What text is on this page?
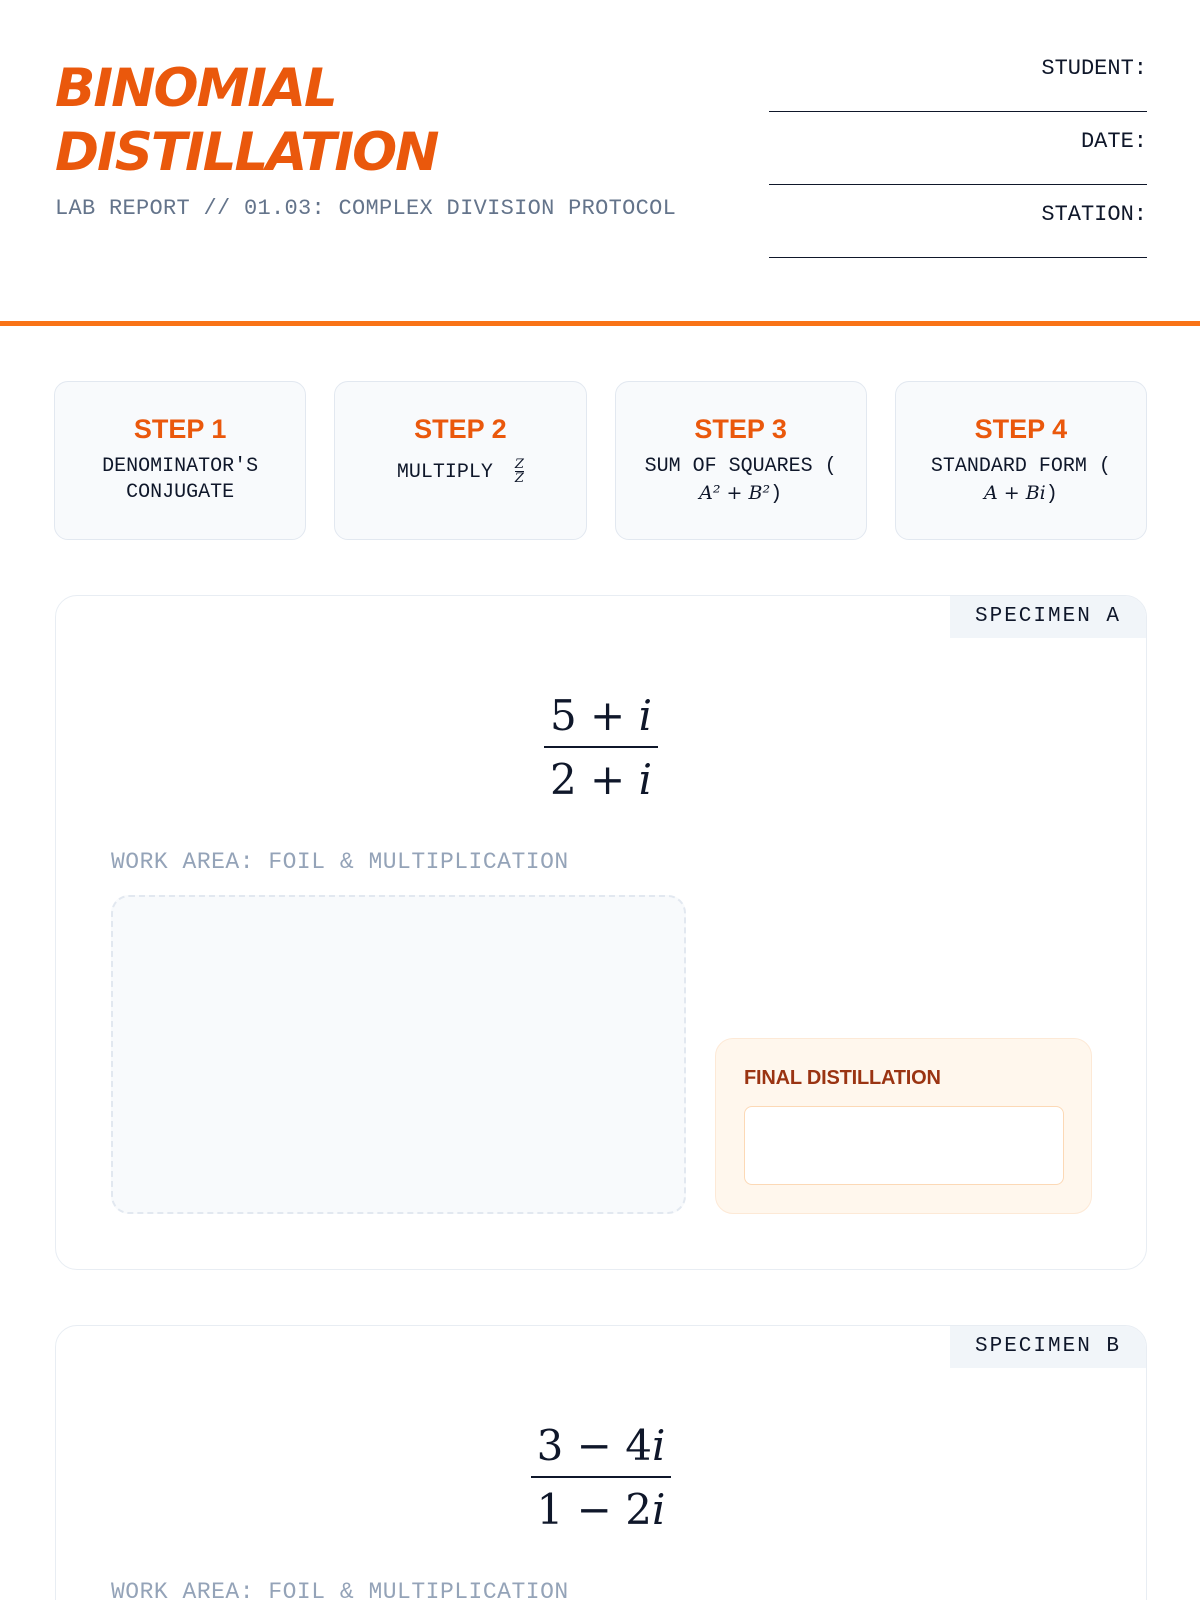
BINOMIAL
DISTILLATION
LAB REPORT // 01.03: COMPLEX DIVISION PROTOCOL
STUDENT:
DATE:
STATION:
STEP 1
DENOMINATOR'S
CONJUGATE
STEP 2
MULTIPLY $\frac{Z}{Z}$
STEP 3
SUM OF SQUARES (
A² + B²)
STEP 4
STANDARD FORM (
A + Bi)
SPECIMEN A
$\frac{5 + i}{2 + i}$
WORK AREA: FOIL & MULTIPLICATION
FINAL DISTILLATION
SPECIMEN B
$\frac{3 - 4i}{1 - 2i}$
WORK AREA: FOIL & MULTIPLICATION
